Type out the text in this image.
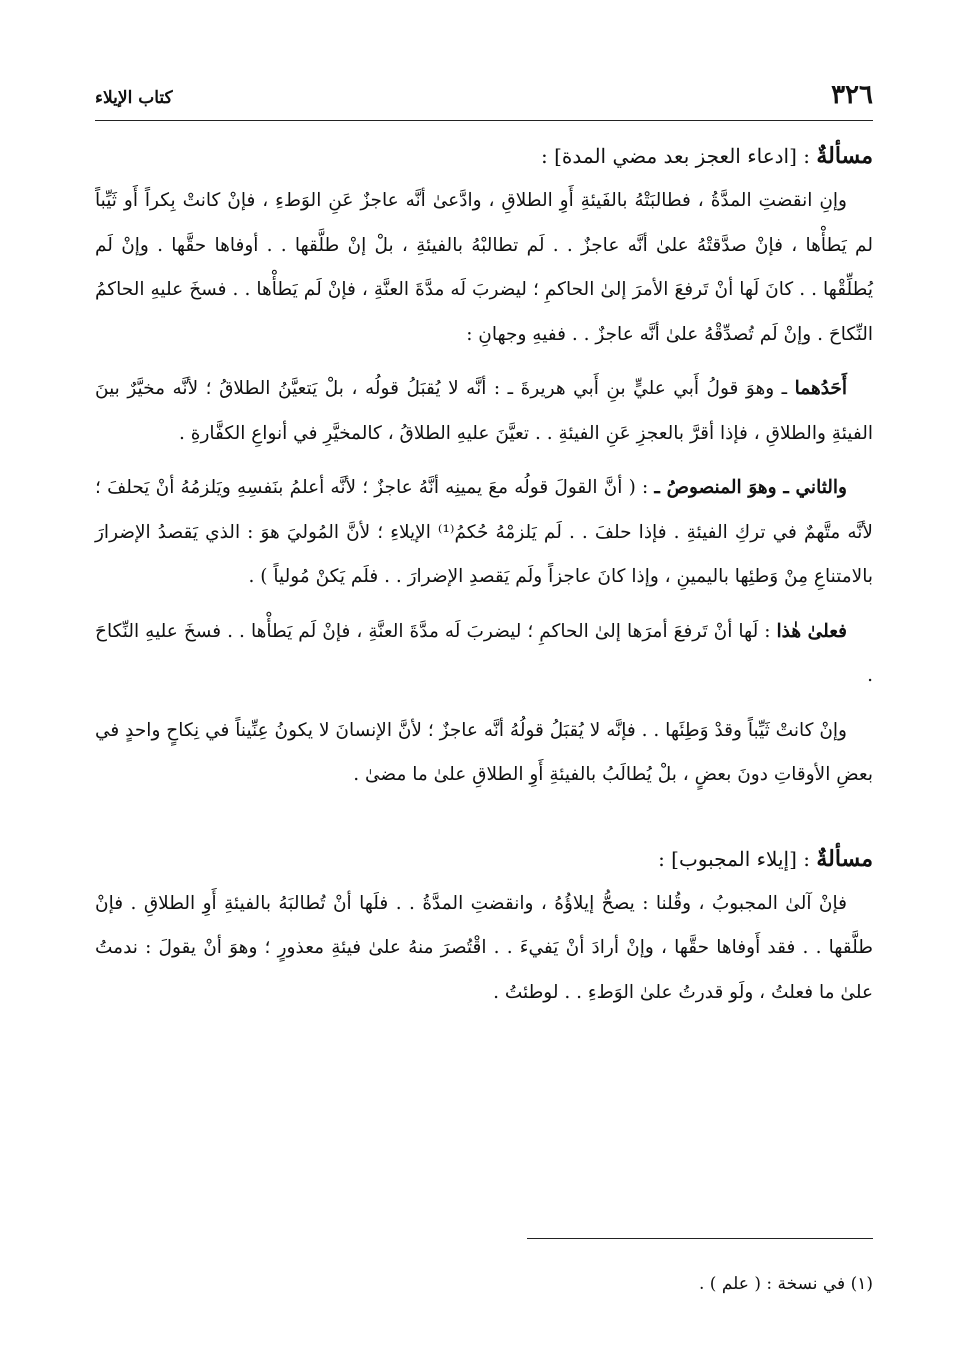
٣٢٦
كتاب الإيلاء
مسألةٌ : [ادعاء العجز بعد مضي المدة] :

وإنِ انقضتِ المدَّةُ ، فطالبَتْهُ بالفَيئةِ أَوِ الطلاقِ ، وادَّعىٰ أنَّه عاجزٌ عَنِ الوَطءِ ، فإنْ كانتْ بِكراً أَو ثَيِّباً لم يَطأْها ، فإنْ صدَّقتْهُ علىٰ أنَّه عاجزٌ . . لَم تطالبْهُ بالفيئةِ ، بلْ إنْ طلَّقها . . أوفاها حقَّها . وإنْ لَم يُطلِّقْها . . كانَ لَها أنْ تَرفعَ الأمرَ إلىٰ الحاكمِ ؛ ليضربَ لَه مدَّةَ العنَّةِ ، فإنْ لَم يَطأْها . . فسخَ عليهِ الحاكمُ النِّكاحَ . وإنْ لَم تُصدِّقْهُ علىٰ أنَّه عاجزٌ . . ففيهِ وجهانِ :

أَحَدُهما ـ وهوَ قولُ أَبي عليٍّ بنِ أَبي هريرةَ ـ : أنَّه لا يُقبَلُ قولُه ، بلْ يَتعيَّنُ الطلاقُ ؛ لأنَّه مخيَّرٌ بينَ الفيئةِ والطلاقِ ، فإذا أقرَّ بالعجزِ عَنِ الفيئةِ . . تعيَّنَ عليهِ الطلاقُ ، كالمخيَّرِ في أنواعِ الكفَّارةِ .

والثاني ـ وهوَ المنصوصُ ـ : ( أنَّ القولَ قولُه معَ يمينِه أنَّهُ عاجزٌ ؛ لأنَّه أعلمُ بنَفسِهِ ويَلزمُهُ أنْ يَحلفَ ؛ لأنَّه متَّهمٌ في تركِ الفيئةِ . فإذا حلفَ . . لَم يَلزمْهُ حُكمُ⁽¹⁾ الإيلاءِ ؛ لأنَّ المُوليَ هوَ : الذي يَقصدُ الإضرارَ بالامتناعِ مِنْ وَطئِها باليمينِ ، وإذا كانَ عاجزاً ولَم يَقصدِ الإضرارَ . . فلَم يَكنْ مُولياً ) .

فعلىٰ هٰذا : لَها أنْ تَرفعَ أمرَها إلىٰ الحاكمِ ؛ ليضربَ لَه مدَّةَ العنَّةِ ، فإنْ لَم يَطأْها . . فسخَ عليهِ النِّكاحَ .

وإنْ كانتْ ثَيِّباً وقدْ وَطِئَها . . فإنَّه لا يُقبَلُ قولُهُ أنَّه عاجزٌ ؛ لأنَّ الإنسانَ لا يكونُ عِنِّيناً في نِكاحٍ واحدٍ في بعضِ الأوقاتِ دونَ بعضٍ ، بلْ يُطالَبُ بالفيئةِ أَوِ الطلاقِ علىٰ ما مضىٰ .

مسألةٌ : [إيلاء المجبوب] :

فإنْ آلىٰ المجبوبُ ، وقُلنا : يصحُّ إيلاؤُهُ ، وانقضتِ المدَّةُ . . فلَها أنْ تُطالبَهُ بالفيئةِ أَوِ الطلاقِ . فإنْ طلَّقها . . فقد أَوفاها حقَّها ، وإنْ أرادَ أنْ يَفيءَ . . اقْتُصرَ منهُ علىٰ فيئةِ معذورٍ ؛ وهوَ أنْ يقولَ : ندمتُ علىٰ ما فعلتُ ، ولَو قدرتُ علىٰ الوَطءِ . . لوطئتُ .

(١) في نسخة : ( علم ) .
